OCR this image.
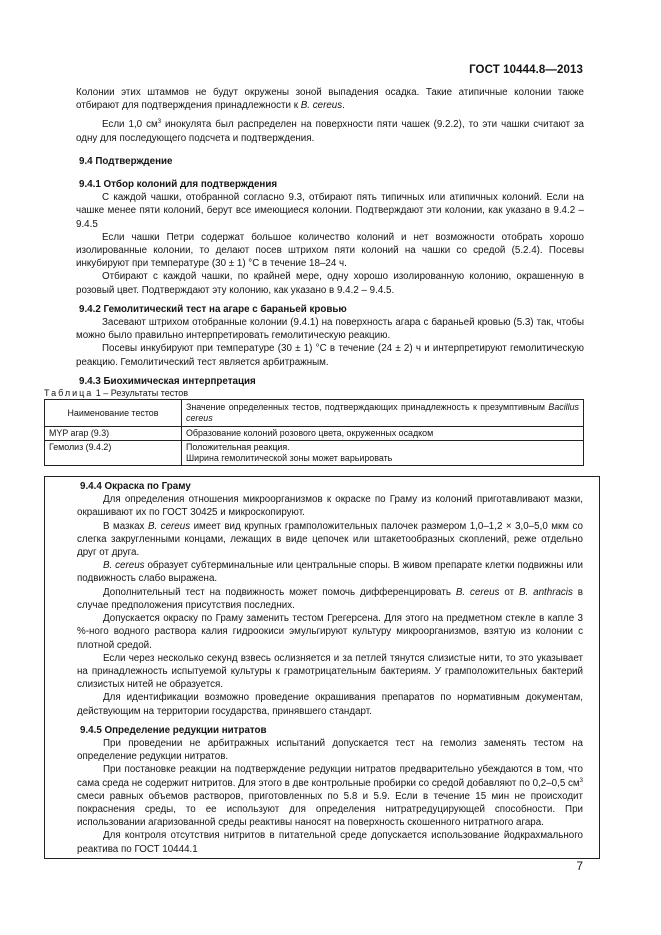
ГОСТ 10444.8—2013

Колонии этих штаммов не будут окружены зоной выпадения осадка. Такие атипичные колонии также отбирают для подтверждения принадлежности к B. cereus.

Если 1,0 $см^3$ инокулята был распределен на поверхности пяти чашек (9.2.2), то эти чашки считают за одну для последующего подсчета и подтверждения.

9.4 Подтверждение

9.4.1 Отбор колоний для подтверждения

С каждой чашки, отобранной согласно 9.3, отбирают пять типичных или атипичных колоний. Если на чашке менее пяти колоний, берут все имеющиеся колонии. Подтверждают эти колонии, как указано в 9.4.2 – 9.4.5

Если чашки Петри содержат большое количество колоний и нет возможности отобрать хорошо изолированные колонии, то делают посев штрихом пяти колоний на чашки со средой (5.2.4). Посевы инкубируют при температуре (30 ± 1) °С в течение 18–24 ч.

Отбирают с каждой чашки, по крайней мере, одну хорошо изолированную колонию, окрашенную в розовый цвет. Подтверждают эту колонию, как указано в 9.4.2 – 9.4.5.

9.4.2 Гемолитический тест на агаре с бараньей кровью

Засевают штрихом отобранные колонии (9.4.1) на поверхность агара с бараньей кровью (5.3) так, чтобы можно было правильно интерпретировать гемолитическую реакцию.

Посевы инкубируют при температуре (30 ± 1) °С в течение (24 ± 2) ч и интерпретируют гемолитическую реакцию. Гемолитический тест является арбитражным.

9.4.3 Биохимическая интерпретация

Таблица 1 – Результаты тестов

Наименование тестов	Значение определенных тестов, подтверждающих принадлежность к презумптивным Bacillus cereus
MYP агар (9.3)	Образование колоний розового цвета, окруженных осадком
Гемолиз (9.4.2)	Положительная реакция.
Ширина гемолитической зоны может варьировать

9.4.4 Окраска по Граму

Для определения отношения микроорганизмов к окраске по Граму из колоний приготавливают мазки, окрашивают их по ГОСТ 30425 и микроскопируют.

В мазках B. cereus имеет вид крупных грамположительных палочек размером 1,0–1,2 × 3,0–5,0 мкм со слегка закругленными концами, лежащих в виде цепочек или штакетообразных скоплений, реже отдельно друг от друга.

B. cereus образует субтерминальные или центральные споры. В живом препарате клетки подвижны или подвижность слабо выражена.

Дополнительный тест на подвижность может помочь дифференцировать B. cereus от B. anthracis в случае предположения присутствия последних.

Допускается окраску по Граму заменить тестом Грегерсена. Для этого на предметном стекле в капле 3 %-ного водного раствора калия гидроокиси эмульгируют культуру микроорганизмов, взятую из колонии с плотной средой.

Если через несколько секунд взвесь ослизняется и за петлей тянутся слизистые нити, то это указывает на принадлежность испытуемой культуры к грамотрицательным бактериям. У грамположительных бактерий слизистых нитей не образуется.

Для идентификации возможно проведение окрашивания препаратов по нормативным документам, действующим на территории государства, принявшего стандарт.

9.4.5 Определение редукции нитратов

При проведении не арбитражных испытаний допускается тест на гемолиз заменять тестом на определение редукции нитратов.

При постановке реакции на подтверждение редукции нитратов предварительно убеждаются в том, что сама среда не содержит нитритов. Для этого в две контрольные пробирки со средой добавляют по 0,2–0,5 $см^3$ смеси равных объемов растворов, приготовленных по 5.8 и 5.9. Если в течение 15 мин не происходит покраснения среды, то ее используют для определения нитратредуцирующей способности. При использовании агаризованной среды реактивы наносят на поверхность скошенного нитратного агара.

Для контроля отсутствия нитритов в питательной среде допускается использование йодкрахмального реактива по ГОСТ 10444.1

7
